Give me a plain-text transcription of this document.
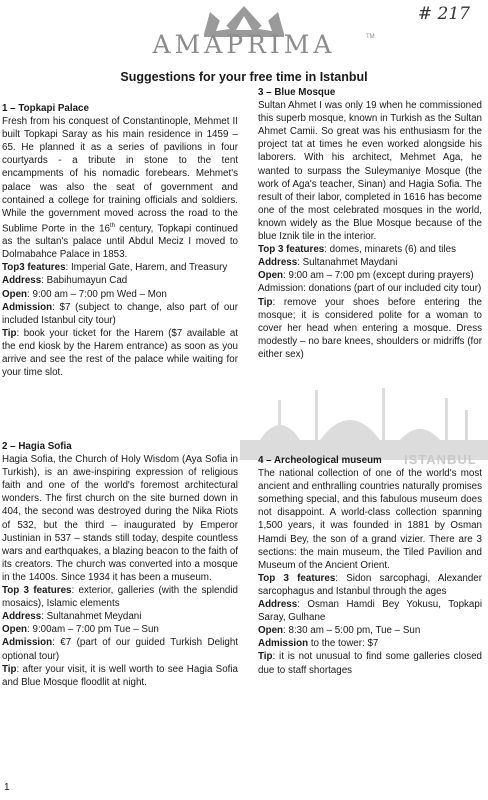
# 217
AMAPRIMA	TM
Suggestions for your free time in Istanbul

1 – Topkapi Palace

Fresh from his conquest of Constantinople, Mehmet II built Topkapi Saray as his main residence in 1459 – 65. He planned it as a series of pavilions in four courtyards - a tribute in stone to the tent encampments of his nomadic forebears. Mehmet's palace was also the seat of government and contained a college for training officials and soldiers. While the government moved across the road to the Sublime Porte in the 16th century, Topkapi continued as the sultan's palace until Abdul Meciz I moved to Dolmabahce Palace in 1853.

Top3 features: Imperial Gate, Harem, and Treasury

Address: Babihumayun Cad

Open: 9:00 am – 7:00 pm Wed – Mon

Admission: $7 (subject to change, also part of our included Istanbul city tour)

Tip: book your ticket for the Harem ($7 available at the end kiosk by the Harem entrance) as soon as you arrive and see the rest of the palace while waiting for your time slot.

2 – Hagia Sofia

Hagia Sofia, the Church of Holy Wisdom (Aya Sofia in Turkish), is an awe-inspiring expression of religious faith and one of the world's foremost architectural wonders. The first church on the site burned down in 404, the second was destroyed during the Nika Riots of 532, but the third – inaugurated by Emperor Justinian in 537 – stands still today, despite countless wars and earthquakes, a blazing beacon to the faith of its creators. The church was converted into a mosque in the 1400s. Since 1934 it has been a museum.

Top 3 features: exterior, galleries (with the splendid mosaics), Islamic elements

Address: Sultanahmet Meydani

Open: 9:00am – 7:00 pm Tue – Sun

Admission: €7 (part of our guided Turkish Delight optional tour)

Tip: after your visit, it is well worth to see Hagia Sofia and Blue Mosque floodlit at night.

3 – Blue Mosque

Sultan Ahmet I was only 19 when he commissioned this superb mosque, known in Turkish as the Sultan Ahmet Camii. So great was his enthusiasm for the project tat at times he even worked alongside his laborers. With his architect, Mehmet Aga, he wanted to surpass the Suleymaniye Mosque (the work of Aga's teacher, Sinan) and Hagia Sofia. The result of their labor, completed in 1616 has become one of the most celebrated mosques in the world, known widely as the Blue Mosque because of the blue Iznik tile in the interior.

Top 3 features: domes, minarets (6) and tiles

Address: Sultanahmet Maydani

Open: 9:00 am – 7:00 pm (except during prayers)

Admission: donations (part of our included city tour)

Tip: remove your shoes before entering the mosque; it is considered polite for a woman to cover her head when entering a mosque. Dress modestly – no bare knees, shoulders or midriffs (for either sex)

ISTANBUL

4 – Archeological museum

The national collection of one of the world's most ancient and enthralling countries naturally promises something special, and this fabulous museum does not disappoint. A world-class collection spanning 1,500 years, it was founded in 1881 by Osman Hamdi Bey, the son of a grand vizier. There are 3 sections: the main museum, the Tiled Pavilion and Museum of the Ancient Orient.

Top 3 features: Sidon sarcophagi, Alexander sarcophagus and Istanbul through the ages

Address: Osman Hamdi Bey Yokusu, Topkapi Saray, Gulhane

Open: 8:30 am – 5:00 pm, Tue – Sun

Admission to the tower: $7

Tip: it is not unusual to find some galleries closed due to staff shortages

1
